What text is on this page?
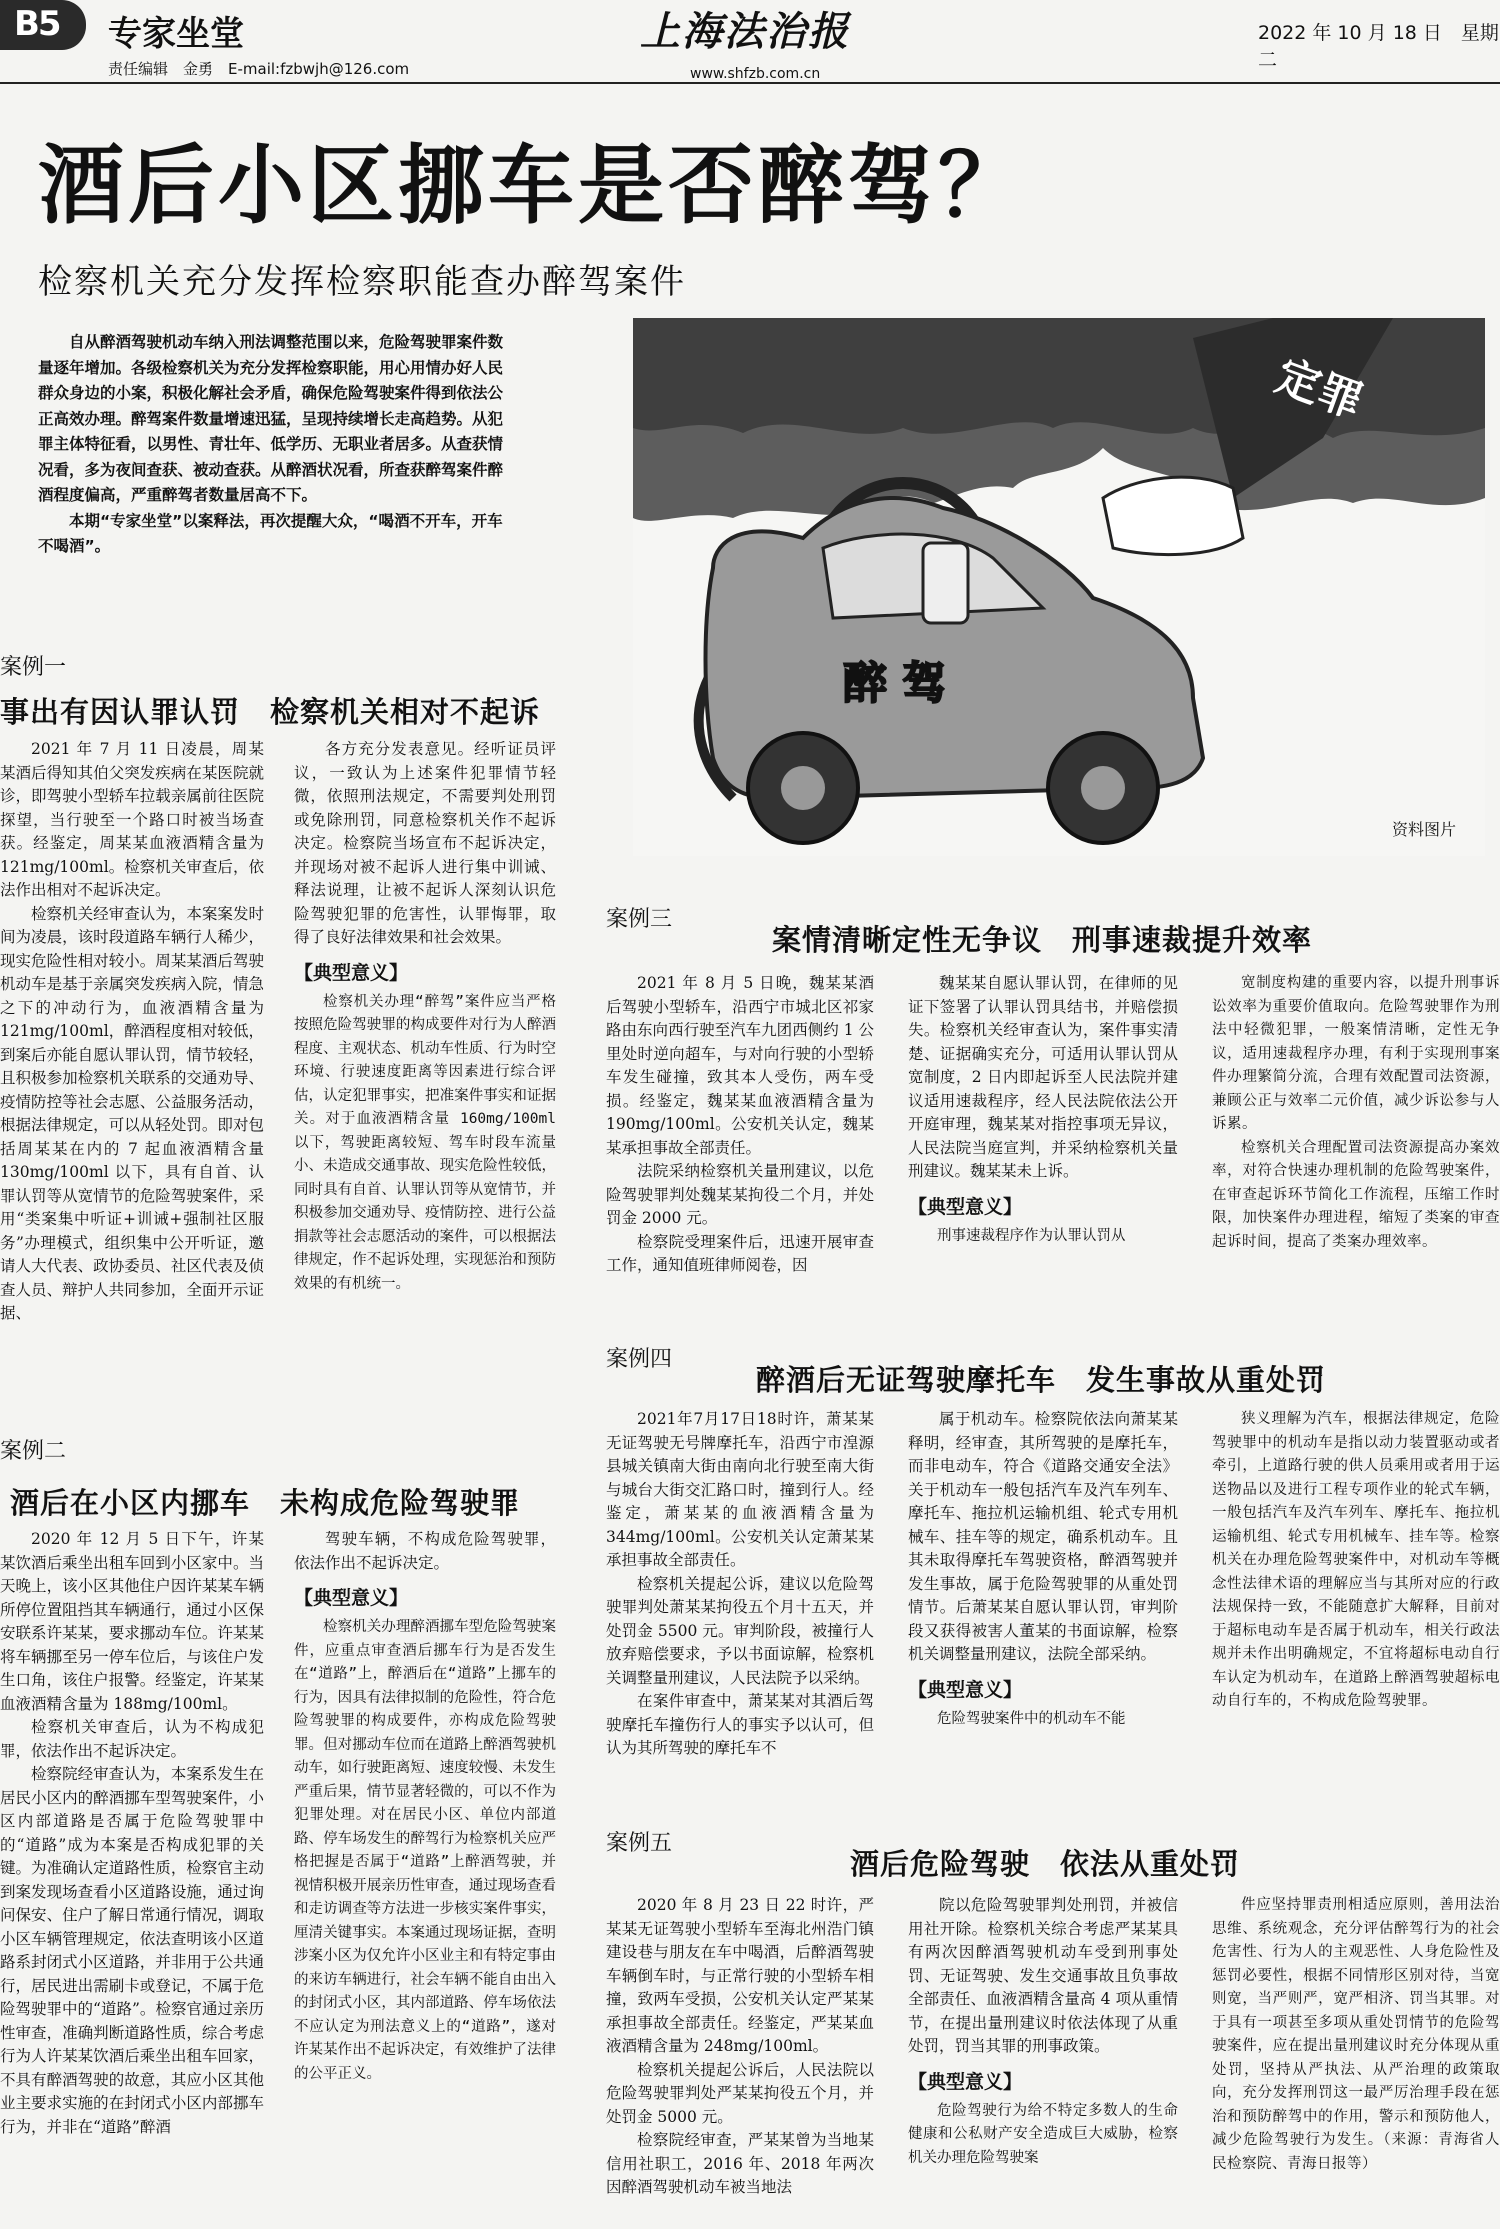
B5	专家坐堂
责任编辑　金勇　E-mail:fzbwjh@126.com
上海法治报
www.shfzb.com.cn
2022 年 10 月 18 日　星期二
酒后小区挪车是否醉驾？
检察机关充分发挥检察职能查办醉驾案件

自从醉酒驾驶机动车纳入刑法调整范围以来，危险驾驶罪案件数量逐年增加。各级检察机关为充分发挥检察职能，用心用情办好人民群众身边的小案，积极化解社会矛盾，确保危险驾驶案件得到依法公正高效办理。醉驾案件数量增速迅猛，呈现持续增长走高趋势。从犯罪主体特征看，以男性、青壮年、低学历、无职业者居多。从查获情况看，多为夜间查获、被动查获。从醉酒状况看，所查获醉驾案件醉酒程度偏高，严重醉驾者数量居高不下。

本期“专家坐堂”以案释法，再次提醒大众，“喝酒不开车，开车不喝酒”。

定罪
醉 驾
资料图片
案例一
事出有因认罪认罚　检察机关相对不起诉

2021 年 7 月 11 日凌晨，周某某酒后得知其伯父突发疾病在某医院就诊，即驾驶小型轿车拉载亲属前往医院探望，当行驶至一个路口时被当场查获。经鉴定，周某某血液酒精含量为 121mg/100ml。检察机关审查后，依法作出相对不起诉决定。

检察机关经审查认为，本案案发时间为凌晨，该时段道路车辆行人稀少，现实危险性相对较小。周某某酒后驾驶机动车是基于亲属突发疾病入院，情急之下的冲动行为，血液酒精含量为 121mg/100ml，醉酒程度相对较低，到案后亦能自愿认罪认罚，情节较轻，且积极参加检察机关联系的交通劝导、疫情防控等社会志愿、公益服务活动，根据法律规定，可以从轻处罚。即对包括周某某在内的 7 起血液酒精含量 130mg/100ml 以下，具有自首、认罪认罚等从宽情节的危险驾驶案件，采用“类案集中听证+训诫+强制社区服务”办理模式，组织集中公开听证，邀请人大代表、政协委员、社区代表及侦查人员、辩护人共同参加，全面开示证据、

各方充分发表意见。经听证员评议，一致认为上述案件犯罪情节轻微，依照刑法规定，不需要判处刑罚或免除刑罚，同意检察机关作不起诉决定。检察院当场宣布不起诉决定，并现场对被不起诉人进行集中训诫、释法说理，让被不起诉人深刻认识危险驾驶犯罪的危害性，认罪悔罪，取得了良好法律效果和社会效果。

【典型意义】

检察机关办理“醉驾”案件应当严格按照危险驾驶罪的构成要件对行为人醉酒程度、主观状态、机动车性质、行为时空环境、行驶速度距离等因素进行综合评估，认定犯罪事实，把准案件事实和证据关。对于血液酒精含量 160mg/100ml 以下，驾驶距离较短、驾车时段车流量小、未造成交通事故、现实危险性较低，同时具有自首、认罪认罚等从宽情节，并积极参加交通劝导、疫情防控、进行公益捐款等社会志愿活动的案件，可以根据法律规定，作不起诉处理，实现惩治和预防效果的有机统一。

案例二
酒后在小区内挪车　未构成危险驾驶罪

2020 年 12 月 5 日下午，许某某饮酒后乘坐出租车回到小区家中。当天晚上，该小区其他住户因许某某车辆所停位置阻挡其车辆通行，通过小区保安联系许某某，要求挪动车位。许某某将车辆挪至另一停车位后，与该住户发生口角，该住户报警。经鉴定，许某某血液酒精含量为 188mg/100ml。

检察机关审查后，认为不构成犯罪，依法作出不起诉决定。

检察院经审查认为，本案系发生在居民小区内的醉酒挪车型驾驶案件，小区内部道路是否属于危险驾驶罪中的“道路”成为本案是否构成犯罪的关键。为准确认定道路性质，检察官主动到案发现场查看小区道路设施，通过询问保安、住户了解日常通行情况，调取小区车辆管理规定，依法查明该小区道路系封闭式小区道路，并非用于公共通行，居民进出需刷卡或登记，不属于危险驾驶罪中的“道路”。检察官通过亲历性审查，准确判断道路性质，综合考虑行为人许某某饮酒后乘坐出租车回家，不具有醉酒驾驶的故意，其应小区其他业主要求实施的在封闭式小区内部挪车行为，并非在“道路”醉酒

驾驶车辆，不构成危险驾驶罪，依法作出不起诉决定。

【典型意义】

检察机关办理醉酒挪车型危险驾驶案件，应重点审查酒后挪车行为是否发生在“道路”上，醉酒后在“道路”上挪车的行为，因具有法律拟制的危险性，符合危险驾驶罪的构成要件，亦构成危险驾驶罪。但对挪动车位而在道路上醉酒驾驶机动车，如行驶距离短、速度较慢、未发生严重后果，情节显著轻微的，可以不作为犯罪处理。对在居民小区、单位内部道路、停车场发生的醉驾行为检察机关应严格把握是否属于“道路”上醉酒驾驶，并视情积极开展亲历性审查，通过现场查看和走访调查等方法进一步核实案件事实，厘清关键事实。本案通过现场证据，查明涉案小区为仅允许小区业主和有特定事由的来访车辆进行，社会车辆不能自由出入的封闭式小区，其内部道路、停车场依法不应认定为刑法意义上的“道路”，遂对许某某作出不起诉决定，有效维护了法律的公平正义。

案例三
案情清晰定性无争议　刑事速裁提升效率

2021 年 8 月 5 日晚，魏某某酒后驾驶小型轿车，沿西宁市城北区祁家路由东向西行驶至汽车九团西侧约 1 公里处时逆向超车，与对向行驶的小型轿车发生碰撞，致其本人受伤，两车受损。经鉴定，魏某某血液酒精含量为 190mg/100ml。公安机关认定，魏某某承担事故全部责任。

法院采纳检察机关量刑建议，以危险驾驶罪判处魏某某拘役二个月，并处罚金 2000 元。

检察院受理案件后，迅速开展审查工作，通知值班律师阅卷，因

魏某某自愿认罪认罚，在律师的见证下签署了认罪认罚具结书，并赔偿损失。检察机关经审查认为，案件事实清楚、证据确实充分，可适用认罪认罚从宽制度，2 日内即起诉至人民法院并建议适用速裁程序，经人民法院依法公开开庭审理，魏某某对指控事项无异议，人民法院当庭宣判，并采纳检察机关量刑建议。魏某某未上诉。

【典型意义】

刑事速裁程序作为认罪认罚从

宽制度构建的重要内容，以提升刑事诉讼效率为重要价值取向。危险驾驶罪作为刑法中轻微犯罪，一般案情清晰，定性无争议，适用速裁程序办理，有利于实现刑事案件办理繁简分流，合理有效配置司法资源，兼顾公正与效率二元价值，减少诉讼参与人诉累。

检察机关合理配置司法资源提高办案效率，对符合快速办理机制的危险驾驶案件，在审查起诉环节简化工作流程，压缩工作时限，加快案件办理进程，缩短了类案的审查起诉时间，提高了类案办理效率。

案例四
醉酒后无证驾驶摩托车　发生事故从重处罚

2021年7月17日18时许，萧某某无证驾驶无号牌摩托车，沿西宁市湟源县城关镇南大街由南向北行驶至南大街与城台大街交汇路口时，撞到行人。经鉴定，萧某某的血液酒精含量为344mg/100ml。公安机关认定萧某某承担事故全部责任。

检察机关提起公诉，建议以危险驾驶罪判处萧某某拘役五个月十五天，并处罚金 5500 元。审判阶段，被撞行人放弃赔偿要求，予以书面谅解，检察机关调整量刑建议，人民法院予以采纳。

在案件审查中，萧某某对其酒后驾驶摩托车撞伤行人的事实予以认可，但认为其所驾驶的摩托车不

属于机动车。检察院依法向萧某某释明，经审查，其所驾驶的是摩托车，而非电动车，符合《道路交通安全法》关于机动车一般包括汽车及汽车列车、摩托车、拖拉机运输机组、轮式专用机械车、挂车等的规定，确系机动车。且其未取得摩托车驾驶资格，醉酒驾驶并发生事故，属于危险驾驶罪的从重处罚情节。后萧某某自愿认罪认罚，审判阶段又获得被害人董某的书面谅解，检察机关调整量刑建议，法院全部采纳。

【典型意义】

危险驾驶案件中的机动车不能

狭义理解为汽车，根据法律规定，危险驾驶罪中的机动车是指以动力装置驱动或者牵引，上道路行驶的供人员乘用或者用于运送物品以及进行工程专项作业的轮式车辆，一般包括汽车及汽车列车、摩托车、拖拉机运输机组、轮式专用机械车、挂车等。检察机关在办理危险驾驶案件中，对机动车等概念性法律术语的理解应当与其所对应的行政法规保持一致，不能随意扩大解释，目前对于超标电动车是否属于机动车，相关行政法规并未作出明确规定，不宜将超标电动自行车认定为机动车，在道路上醉酒驾驶超标电动自行车的，不构成危险驾驶罪。

案例五
酒后危险驾驶　依法从重处罚

2020 年 8 月 23 日 22 时许，严某某无证驾驶小型轿车至海北州浩门镇建设巷与朋友在车中喝酒，后醉酒驾驶车辆倒车时，与正常行驶的小型轿车相撞，致两车受损，公安机关认定严某某承担事故全部责任。经鉴定，严某某血液酒精含量为 248mg/100ml。

检察机关提起公诉后，人民法院以危险驾驶罪判处严某某拘役五个月，并处罚金 5000 元。

检察院经审查，严某某曾为当地某信用社职工，2016 年、2018 年两次因醉酒驾驶机动车被当地法

院以危险驾驶罪判处刑罚，并被信用社开除。检察机关综合考虑严某某具有两次因醉酒驾驶机动车受到刑事处罚、无证驾驶、发生交通事故且负事故全部责任、血液酒精含量高 4 项从重情节，在提出量刑建议时依法体现了从重处罚，罚当其罪的刑事政策。

【典型意义】

危险驾驶行为给不特定多数人的生命健康和公私财产安全造成巨大威胁，检察机关办理危险驾驶案

件应坚持罪责刑相适应原则，善用法治思维、系统观念，充分评估醉驾行为的社会危害性、行为人的主观恶性、人身危险性及惩罚必要性，根据不同情形区别对待，当宽则宽，当严则严，宽严相济、罚当其罪。对于具有一项甚至多项从重处罚情节的危险驾驶案件，应在提出量刑建议时充分体现从重处罚，坚持从严执法、从严治理的政策取向，充分发挥刑罚这一最严厉治理手段在惩治和预防醉驾中的作用，警示和预防他人，减少危险驾驶行为发生。（来源：青海省人民检察院、青海日报等）
